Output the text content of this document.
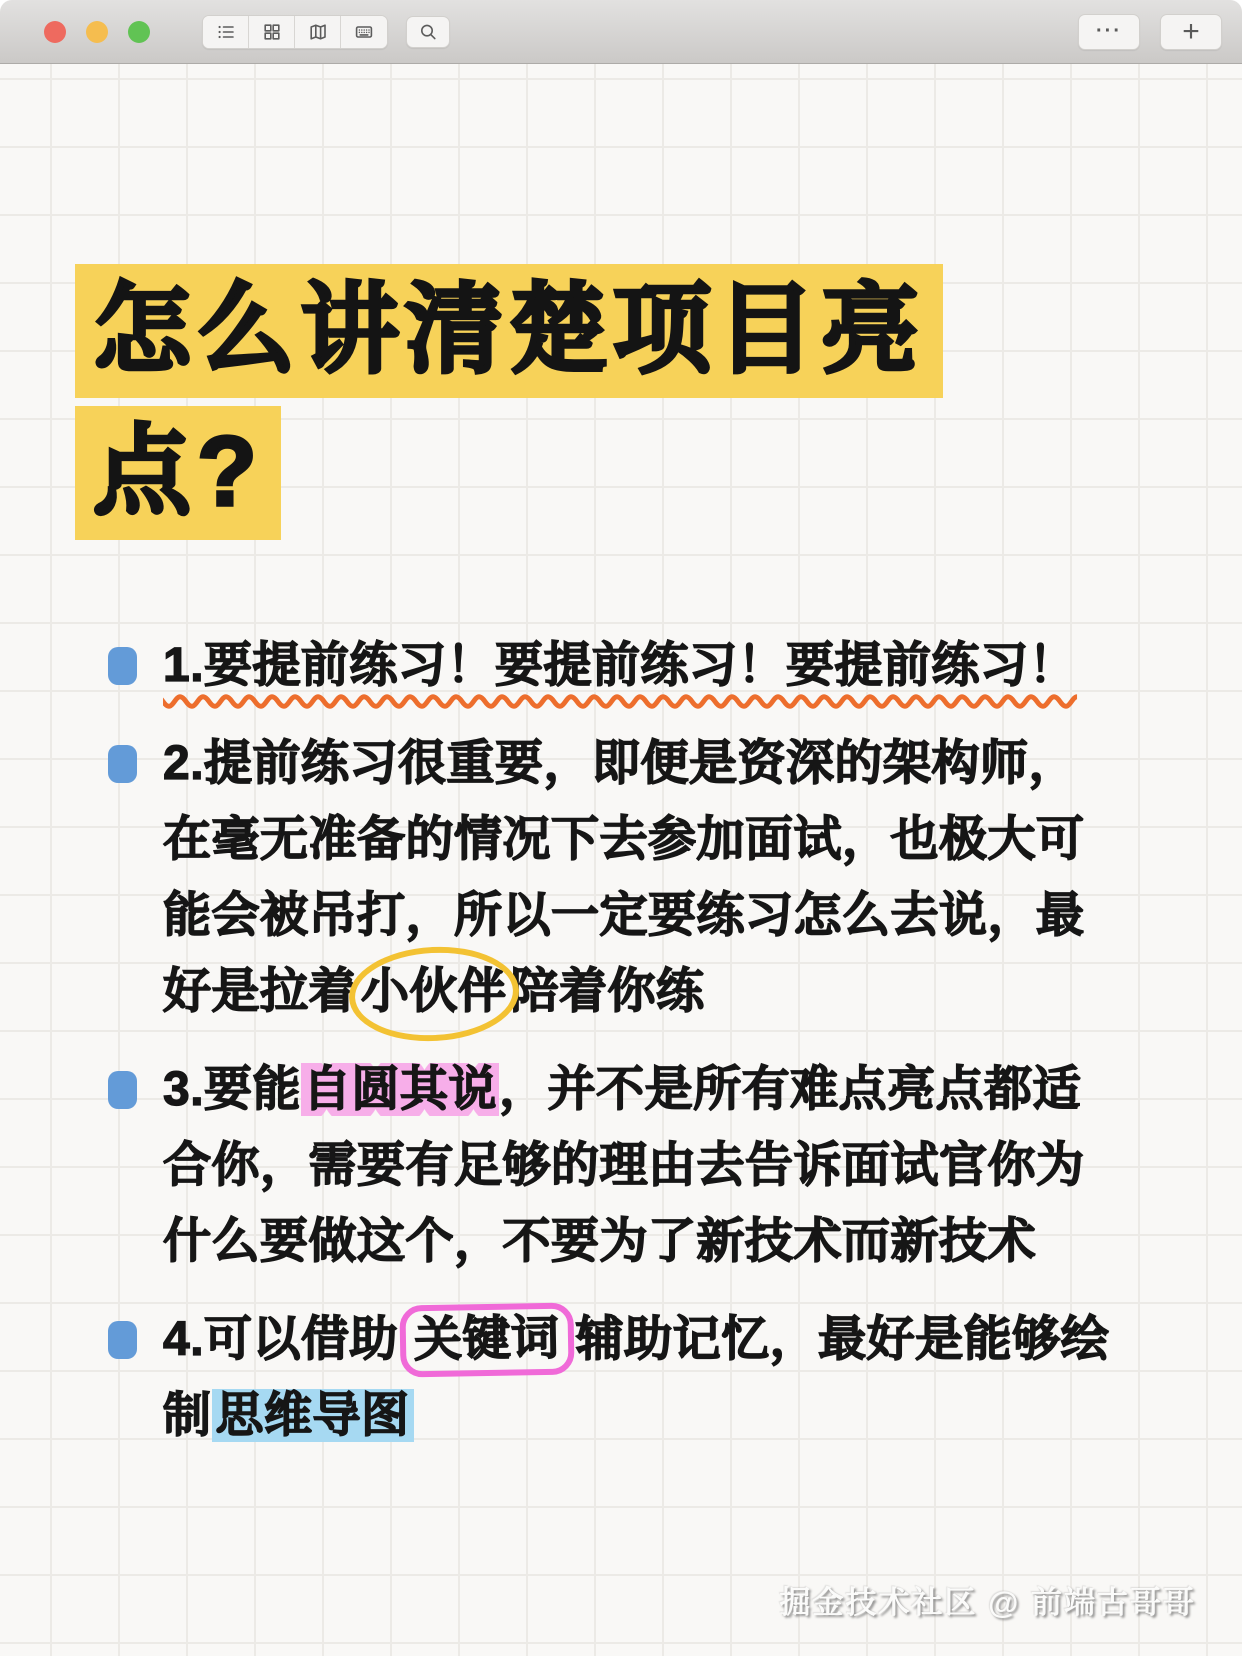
···	+
怎么讲清楚项目亮
点?
1.要提前练习！要提前练习！要提前练习！
2.提前练习很重要，即便是资深的架构师，
在毫无准备的情况下去参加面试，也极大可
能会被吊打，所以一定要练习怎么去说，最
好是拉着小伙伴陪着你练
3.要能自圆其说，并不是所有难点亮点都适
合你，需要有足够的理由去告诉面试官你为
什么要做这个，不要为了新技术而新技术
4.可以借助 关键词 辅助记忆，最好是能够绘
制思维导图
掘金技术社区 @ 前端古哥哥
